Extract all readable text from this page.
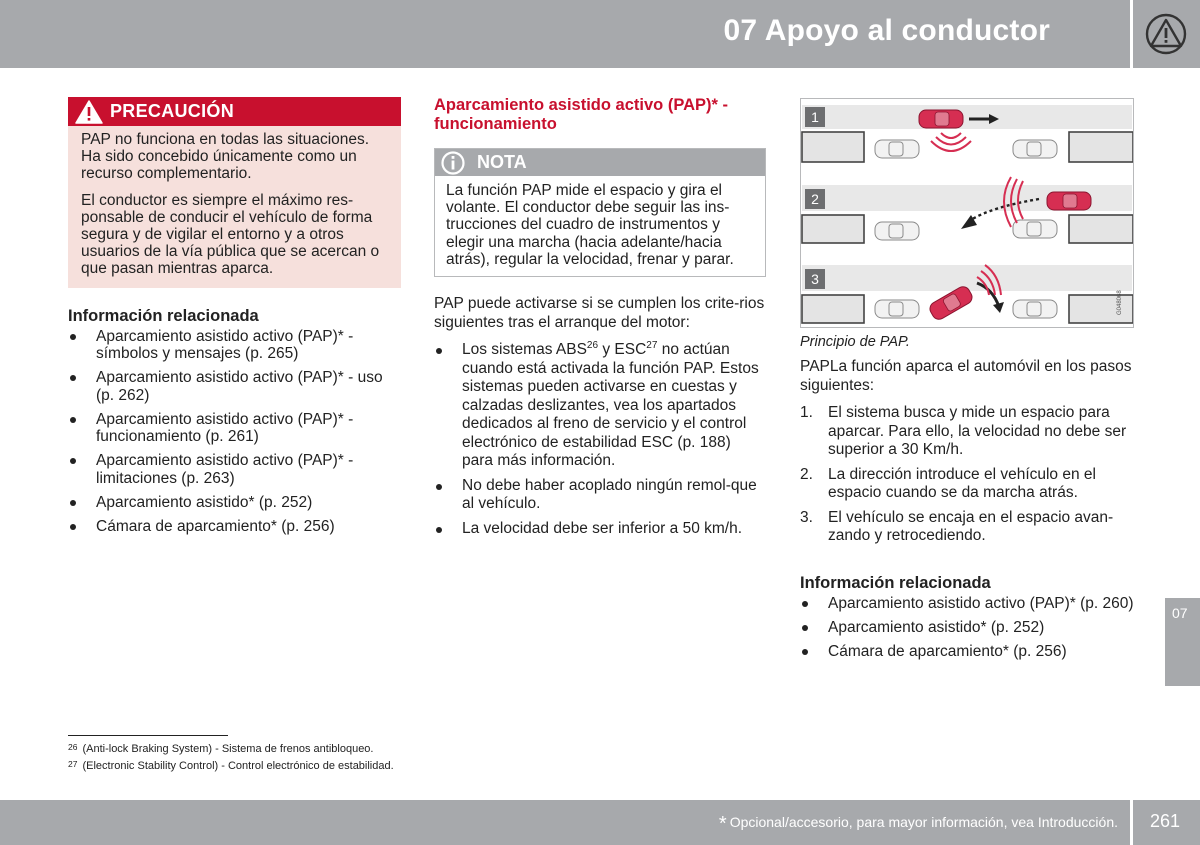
07 Apoyo al conductor
PRECAUCIÓN

PAP no funciona en todas las situaciones. Ha sido concebido únicamente como un recurso complementario.

El conductor es siempre el máximo res-ponsable de conducir el vehículo de forma segura y de vigilar el entorno y a otros usuarios de la vía pública que se acercan o que pasan mientras aparca.

Información relacionada
Aparcamiento asistido activo (PAP)* - símbolos y mensajes (p. 265)
Aparcamiento asistido activo (PAP)* - uso (p. 262)
Aparcamiento asistido activo (PAP)* - funcionamiento (p. 261)
Aparcamiento asistido activo (PAP)* - limitaciones (p. 263)
Aparcamiento asistido* (p. 252)
Cámara de aparcamiento* (p. 256)
Aparcamiento asistido activo (PAP)* - funcionamiento
NOTA
La función PAP mide el espacio y gira el volante. El conductor debe seguir las ins-trucciones del cuadro de instrumentos y elegir una marcha (hacia adelante/hacia atrás), regular la velocidad, frenar y parar.

PAP puede activarse si se cumplen los crite-rios siguientes tras el arranque del motor:

Los sistemas ABS$^{26}$ y ESC$^{27}$ no actúan cuando está activada la función PAP. Estos sistemas pueden activarse en cuestas y calzadas deslizantes, vea los apartados dedicados al freno de servicio y el control electrónico de estabilidad ESC (p. 188) para más información.
No debe haber acoplado ningún remol-que al vehículo.
La velocidad debe ser inferior a 50 km/h.
1
2
3
G048068
Principio de PAP.

PAPLa función aparca el automóvil en los pasos siguientes:

1. El sistema busca y mide un espacio para aparcar. Para ello, la velocidad no debe ser superior a 30 Km/h.
2. La dirección introduce el vehículo en el espacio cuando se da marcha atrás.
3. El vehículo se encaja en el espacio avan-zando y retrocediendo.
Información relacionada
Aparcamiento asistido activo (PAP)* (p. 260)
Aparcamiento asistido* (p. 252)
Cámara de aparcamiento* (p. 256)
07
26 (Anti-lock Braking System) - Sistema de frenos antibloqueo.
27 (Electronic Stability Control) - Control electrónico de estabilidad.
* Opcional/accesorio, para mayor información, vea Introducción. 261
